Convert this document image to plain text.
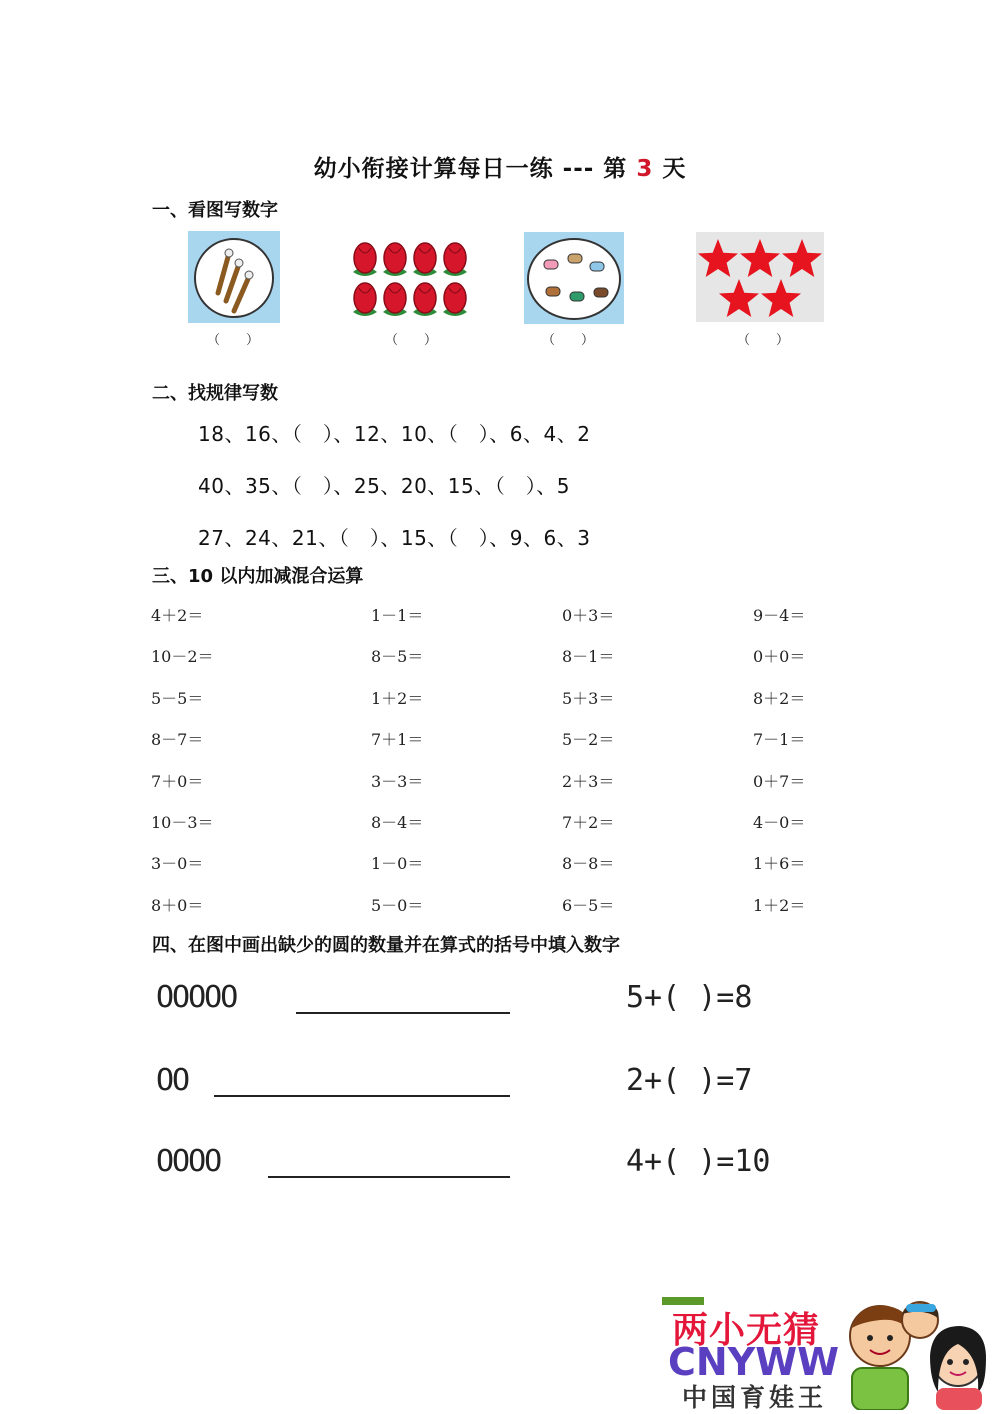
幼小衔接计算每日一练 --- 第 3 天
一、看图写数字
（　　）	（　　）	（　　）	（　　）
二、找规律写数
18、16、（　）、12、10、（　）、6、4、2
40、35、（　）、25、20、15、（　）、5
27、24、21、（　）、15、（　）、9、6、3
三、10 以内加减混合运算
4＋2＝	1－1＝	0＋3＝	9－4＝
10－2＝	8－5＝	8－1＝	0＋0＝
5－5＝	1＋2＝	5＋3＝	8＋2＝
8－7＝	7＋1＝	5－2＝	7－1＝
7＋0＝	3－3＝	2＋3＝	0＋7＝
10－3＝	8－4＝	7＋2＝	4－0＝
3－0＝	1－0＝	8－8＝	1＋6＝
8＋0＝	5－0＝	6－5＝	1＋2＝
四、在图中画出缺少的圆的数量并在算式的括号中填入数字
OOOOO	5+( )=8
OO	2+( )=7
OOOO	4+( )=10
两小无猜
CNYWW
中国育娃王
